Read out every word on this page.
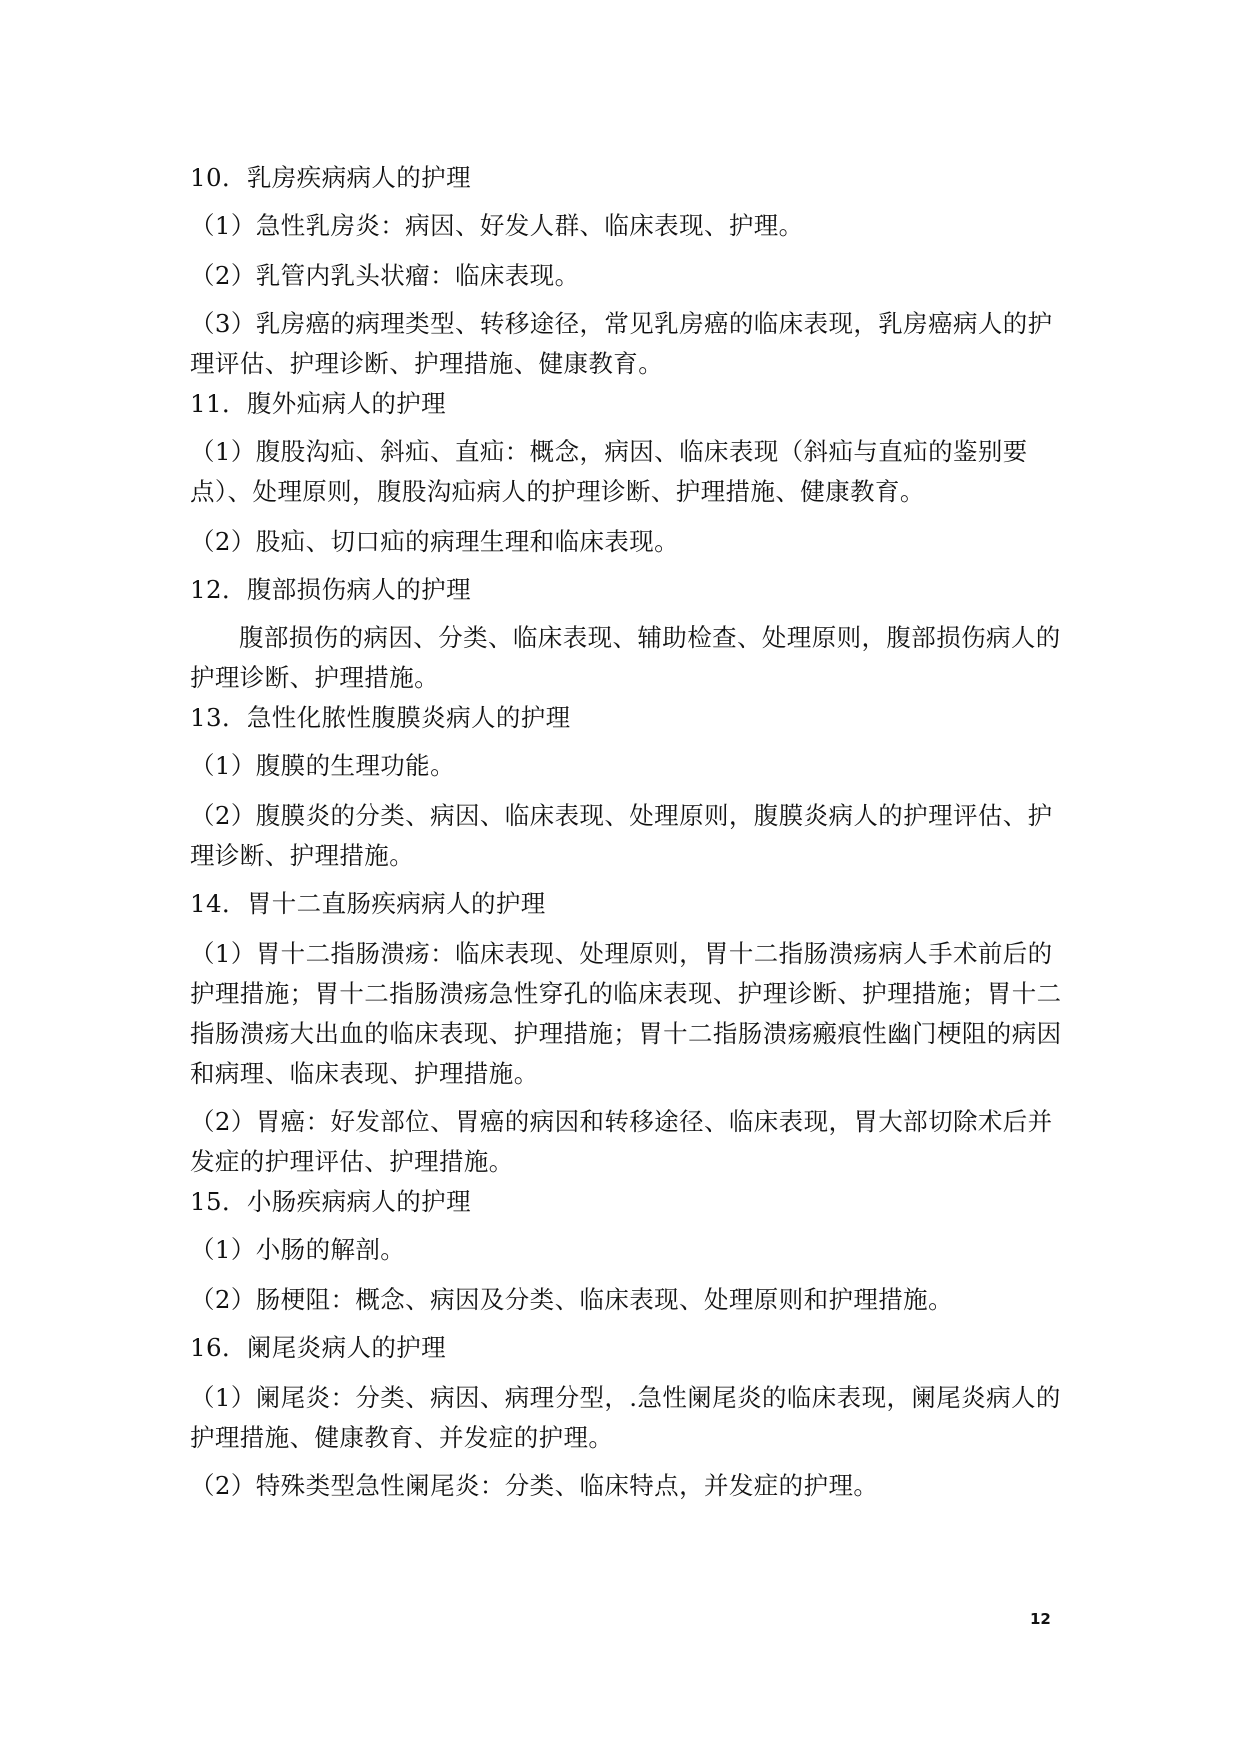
10．乳房疾病病人的护理

（1）急性乳房炎：病因、好发人群、临床表现、护理。

（2）乳管内乳头状瘤：临床表现。

（3）乳房癌的病理类型、转移途径，常见乳房癌的临床表现，乳房癌病人的护理评估、护理诊断、护理措施、健康教育。

11．腹外疝病人的护理

（1）腹股沟疝、斜疝、直疝：概念，病因、临床表现（斜疝与直疝的鉴别要点）、处理原则，腹股沟疝病人的护理诊断、护理措施、健康教育。

（2）股疝、切口疝的病理生理和临床表现。

12．腹部损伤病人的护理

腹部损伤的病因、分类、临床表现、辅助检查、处理原则，腹部损伤病人的护理诊断、护理措施。

13．急性化脓性腹膜炎病人的护理

（1）腹膜的生理功能。

（2）腹膜炎的分类、病因、临床表现、处理原则，腹膜炎病人的护理评估、护理诊断、护理措施。

14．胃十二直肠疾病病人的护理

（1）胃十二指肠溃疡：临床表现、处理原则，胃十二指肠溃疡病人手术前后的护理措施；胃十二指肠溃疡急性穿孔的临床表现、护理诊断、护理措施；胃十二指肠溃疡大出血的临床表现、护理措施；胃十二指肠溃疡瘢痕性幽门梗阻的病因和病理、临床表现、护理措施。

（2）胃癌：好发部位、胃癌的病因和转移途径、临床表现，胃大部切除术后并发症的护理评估、护理措施。

15．小肠疾病病人的护理

（1）小肠的解剖。

（2）肠梗阻：概念、病因及分类、临床表现、处理原则和护理措施。

16．阑尾炎病人的护理

（1）阑尾炎：分类、病因、病理分型，.急性阑尾炎的临床表现，阑尾炎病人的护理措施、健康教育、并发症的护理。

（2）特殊类型急性阑尾炎：分类、临床特点，并发症的护理。

12
